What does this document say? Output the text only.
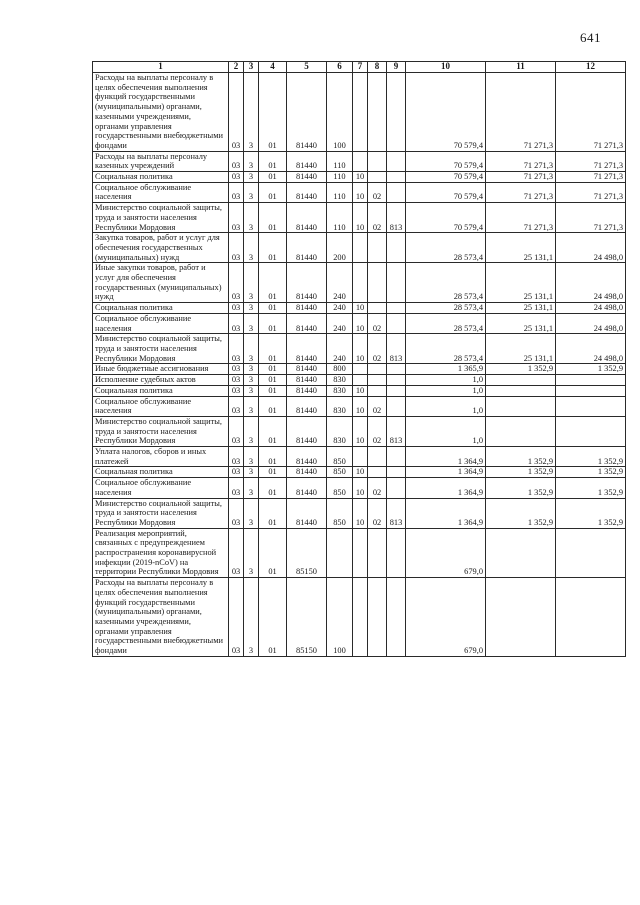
641
1	2	3	4	5	6	7	8	9	10	11	12
Расходы на выплаты персоналу в целях обеспечения выполнения функций государственными (муниципальными) органами, казенными учреждениями, органами управления государственными внебюджетными фондами	03	3	01	81440	100				70 579,4	71 271,3	71 271,3
Расходы на выплаты персоналу казенных учреждений	03	3	01	81440	110				70 579,4	71 271,3	71 271,3
Социальная политика	03	3	01	81440	110	10			70 579,4	71 271,3	71 271,3
Социальное обслуживание населения	03	3	01	81440	110	10	02		70 579,4	71 271,3	71 271,3
Министерство социальной защиты, труда и занятости населения Республики Мордовия	03	3	01	81440	110	10	02	813	70 579,4	71 271,3	71 271,3
Закупка товаров, работ и услуг для обеспечения государственных (муниципальных) нужд	03	3	01	81440	200				28 573,4	25 131,1	24 498,0
Иные закупки товаров, работ и услуг для обеспечения государственных (муниципальных) нужд	03	3	01	81440	240				28 573,4	25 131,1	24 498,0
Социальная политика	03	3	01	81440	240	10			28 573,4	25 131,1	24 498,0
Социальное обслуживание населения	03	3	01	81440	240	10	02		28 573,4	25 131,1	24 498,0
Министерство социальной защиты, труда и занятости населения Республики Мордовия	03	3	01	81440	240	10	02	813	28 573,4	25 131,1	24 498,0
Иные бюджетные ассигнования	03	3	01	81440	800				1 365,9	1 352,9	1 352,9
Исполнение судебных актов	03	3	01	81440	830				1,0		
Социальная политика	03	3	01	81440	830	10			1,0		
Социальное обслуживание населения	03	3	01	81440	830	10	02		1,0		
Министерство социальной защиты, труда и занятости населения Республики Мордовия	03	3	01	81440	830	10	02	813	1,0		
Уплата налогов, сборов и иных платежей	03	3	01	81440	850				1 364,9	1 352,9	1 352,9
Социальная политика	03	3	01	81440	850	10			1 364,9	1 352,9	1 352,9
Социальное обслуживание населения	03	3	01	81440	850	10	02		1 364,9	1 352,9	1 352,9
Министерство социальной защиты, труда и занятости населения Республики Мордовия	03	3	01	81440	850	10	02	813	1 364,9	1 352,9	1 352,9
Реализация мероприятий, связанных с предупреждением распространения коронавирусной инфекции (2019-nCoV) на территории Республики Мордовия	03	3	01	85150					679,0		
Расходы на выплаты персоналу в целях обеспечения выполнения функций государственными (муниципальными) органами, казенными учреждениями, органами управления государственными внебюджетными фондами	03	3	01	85150	100				679,0		
